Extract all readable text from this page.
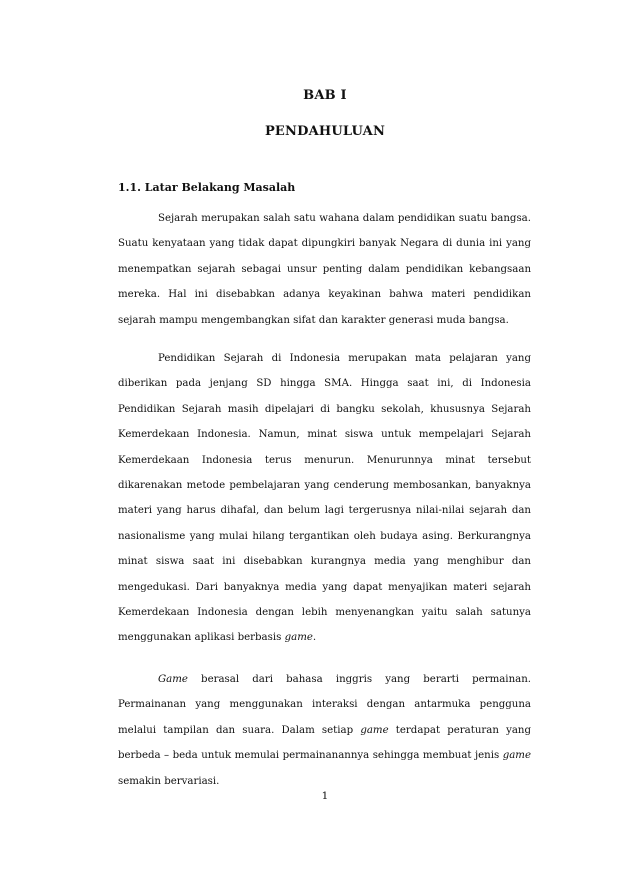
BAB I
PENDAHULUAN
1.1. Latar Belakang Masalah

Sejarah merupakan salah satu wahana dalam pendidikan suatu bangsa. Suatu kenyataan yang tidak dapat dipungkiri banyak Negara di dunia ini yang menempatkan sejarah sebagai unsur penting dalam pendidikan kebangsaan mereka. Hal ini disebabkan adanya keyakinan bahwa materi pendidikan sejarah mampu mengembangkan sifat dan karakter generasi muda bangsa.

Pendidikan Sejarah di Indonesia merupakan mata pelajaran yang diberikan pada jenjang SD hingga SMA. Hingga saat ini, di Indonesia Pendidikan Sejarah masih dipelajari di bangku sekolah, khususnya Sejarah Kemerdekaan Indonesia. Namun, minat siswa untuk mempelajari Sejarah Kemerdekaan Indonesia terus menurun. Menurunnya minat tersebut dikarenakan metode pembelajaran yang cenderung membosankan, banyaknya materi yang harus dihafal, dan belum lagi tergerusnya nilai-nilai sejarah dan nasionalisme yang mulai hilang tergantikan oleh budaya asing. Berkurangnya minat siswa saat ini disebabkan kurangnya media yang menghibur dan mengedukasi. Dari banyaknya media yang dapat menyajikan materi sejarah Kemerdekaan Indonesia dengan lebih menyenangkan yaitu salah satunya menggunakan aplikasi berbasis game.

Game berasal dari bahasa inggris yang berarti permainan. Permainanan yang menggunakan interaksi dengan antarmuka pengguna melalui tampilan dan suara. Dalam setiap game terdapat peraturan yang berbeda – beda untuk memulai permainanannya sehingga membuat jenis game semakin bervariasi.

1
